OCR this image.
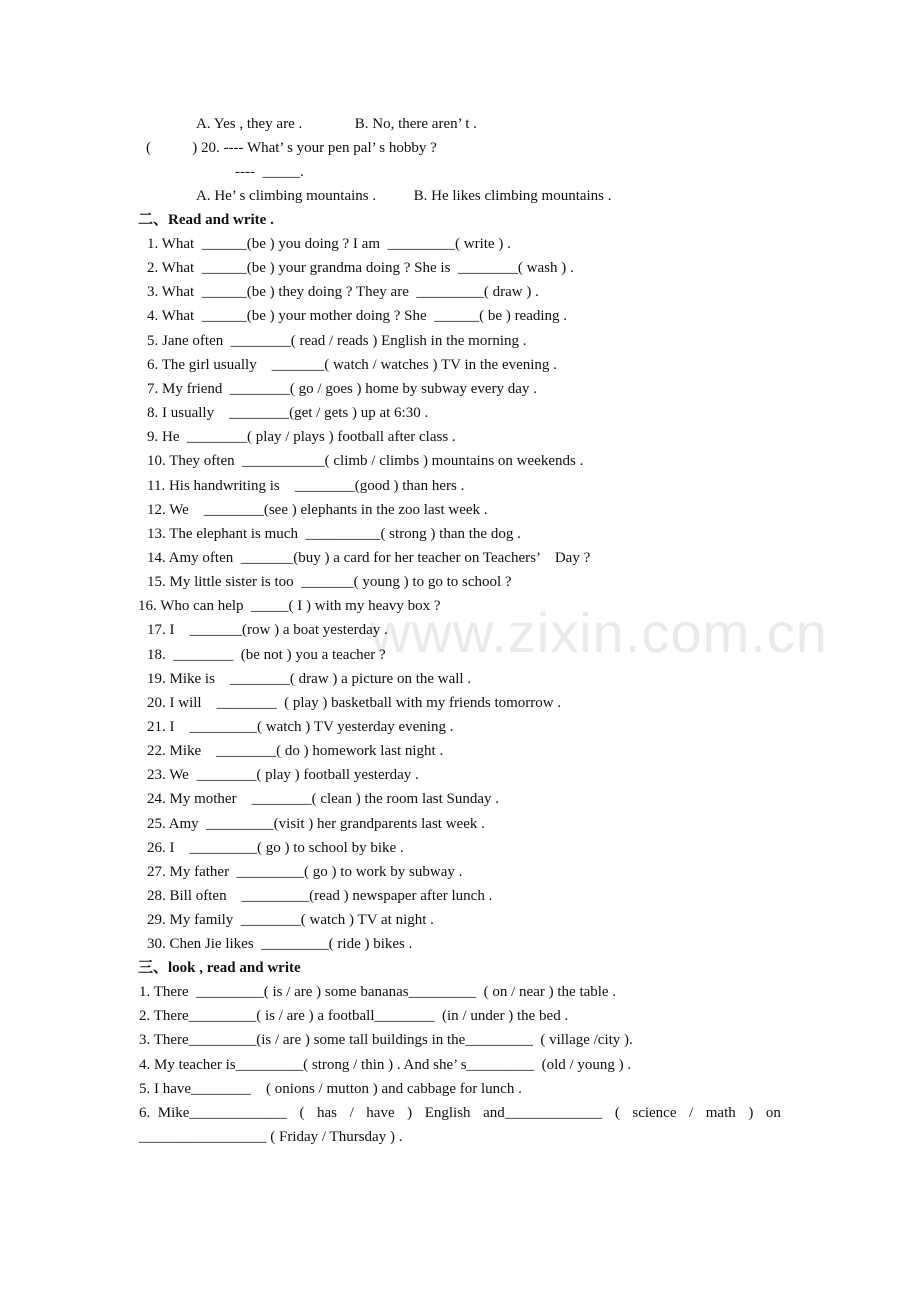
www.zixin.com.cn
A. Yes , they are .              B. No, there aren’ t .
(           ) 20. ---- What’ s your pen pal’ s hobby ?
----  _____.
A. He’ s climbing mountains .          B. He likes climbing mountains .
二、Read and write .
1. What  ______(be ) you doing ? I am  _________( write ) .
2. What  ______(be ) your grandma doing ? She is  ________( wash ) .
3. What  ______(be ) they doing ? They are  _________( draw ) .
4. What  ______(be ) your mother doing ? She  ______( be ) reading .
5. Jane often  ________( read / reads ) English in the morning .
6. The girl usually    _______( watch / watches ) TV in the evening .
7. My friend  ________( go / goes ) home by subway every day .
8. I usually    ________(get / gets ) up at 6:30 .
9. He  ________( play / plays ) football after class .
10. They often  ___________( climb / climbs ) mountains on weekends .
11. His handwriting is    ________(good ) than hers .
12. We    ________(see ) elephants in the zoo last week .
13. The elephant is much  __________( strong ) than the dog .
14. Amy often  _______(buy ) a card for her teacher on Teachers’    Day ?
15. My little sister is too  _______( young ) to go to school ?
16. Who can help  _____( I ) with my heavy box ?
17. I    _______(row ) a boat yesterday .
18.  ________  (be not ) you a teacher ?
19. Mike is    ________( draw ) a picture on the wall .
20. I will    ________  ( play ) basketball with my friends tomorrow .
21. I    _________( watch ) TV yesterday evening .
22. Mike    ________( do ) homework last night .
23. We  ________( play ) football yesterday .
24. My mother    ________( clean ) the room last Sunday .
25. Amy  _________(visit ) her grandparents last week .
26. I    _________( go ) to school by bike .
27. My father  _________( go ) to work by subway .
28. Bill often    _________(read ) newspaper after lunch .
29. My family  ________( watch ) TV at night .
30. Chen Jie likes  _________( ride ) bikes .
三、look , read and write
1. There  _________( is / are ) some bananas_________  ( on / near ) the table .
2. There_________( is / are ) a football________  (in / under ) the bed .
3. There_________(is / are ) some tall buildings in the_________  ( village /city ).
4. My teacher is_________( strong / thin ) . And she’ s_________  (old / young ) .
5. I have________    ( onions / mutton ) and cabbage for lunch .
6.  Mike_____________ ( has / have ) English and_____________ ( science / math ) on
_________________ ( Friday / Thursday ) .
